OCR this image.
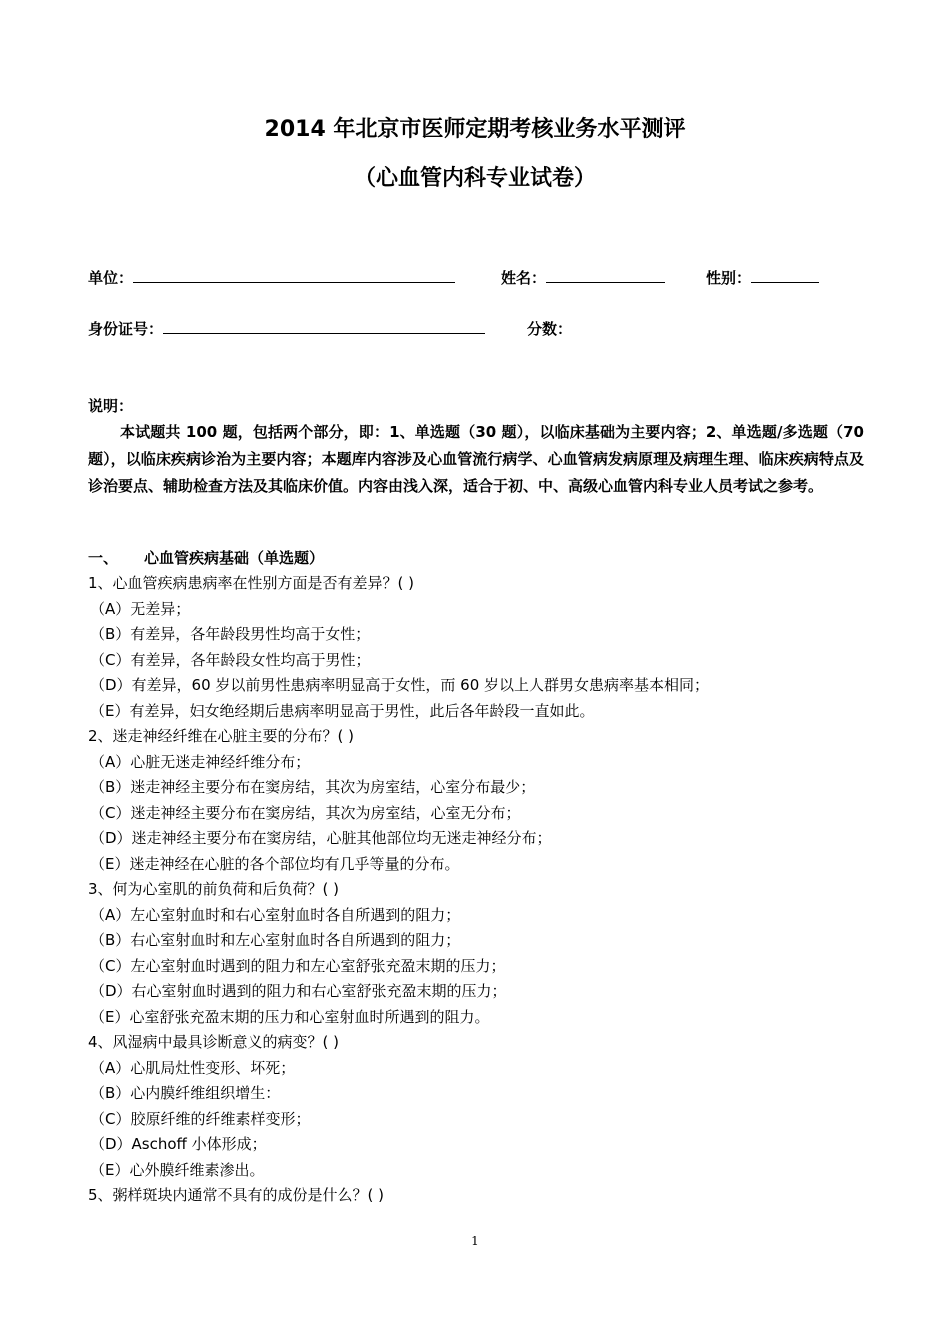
2014 年北京市医师定期考核业务水平测评
（心血管内科专业试卷）
单位：	姓名：	性别：
身份证号：	分数：
说明：

本试题共 100 题，包括两个部分，即：1、单选题（30 题），以临床基础为主要内容；2、单选题/多选题（70 题），以临床疾病诊治为主要内容；本题库内容涉及心血管流行病学、心血管病发病原理及病理生理、临床疾病特点及诊治要点、辅助检查方法及其临床价值。内容由浅入深，适合于初、中、高级心血管内科专业人员考试之参考。

一、 心血管疾病基础（单选题）
1、心血管疾病患病率在性别方面是否有差异？( )
（A）无差异；
（B）有差异，各年龄段男性均高于女性；
（C）有差异，各年龄段女性均高于男性；
（D）有差异，60 岁以前男性患病率明显高于女性，而 60 岁以上人群男女患病率基本相同；
（E）有差异，妇女绝经期后患病率明显高于男性，此后各年龄段一直如此。
2、迷走神经纤维在心脏主要的分布？( )
（A）心脏无迷走神经纤维分布；
（B）迷走神经主要分布在窦房结，其次为房室结，心室分布最少；
（C）迷走神经主要分布在窦房结，其次为房室结，心室无分布；
（D）迷走神经主要分布在窦房结，心脏其他部位均无迷走神经分布；
（E）迷走神经在心脏的各个部位均有几乎等量的分布。
3、何为心室肌的前负荷和后负荷？( )
（A）左心室射血时和右心室射血时各自所遇到的阻力；
（B）右心室射血时和左心室射血时各自所遇到的阻力；
（C）左心室射血时遇到的阻力和左心室舒张充盈末期的压力；
（D）右心室射血时遇到的阻力和右心室舒张充盈末期的压力；
（E）心室舒张充盈末期的压力和心室射血时所遇到的阻力。
4、风湿病中最具诊断意义的病变？( )
（A）心肌局灶性变形、坏死；
（B）心内膜纤维组织增生：
（C）胶原纤维的纤维素样变形；
（D）Aschoff 小体形成；
（E）心外膜纤维素渗出。
5、粥样斑块内通常不具有的成份是什么？( )
1
